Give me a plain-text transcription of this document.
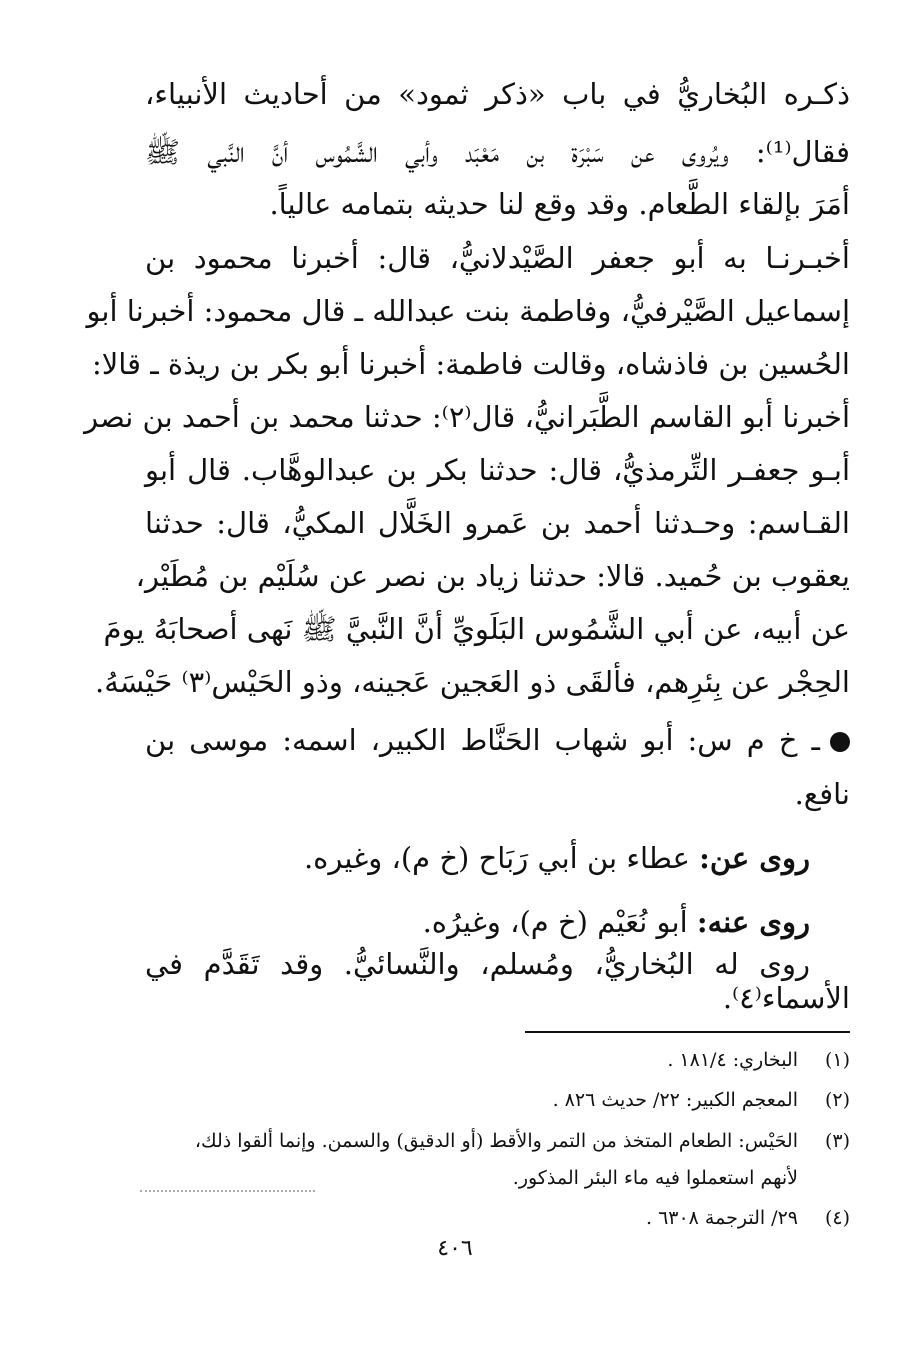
ذكـره البُخاريُّ في باب «ذكر ثمود» من أحاديث الأنبياء،
فقال⁽¹⁾: ويُروى عن سَبْرَة بن مَعْبَد وأبي الشَّمُوس أنَّ النَّبي ﷺ
أمَرَ بإلقاء الطَّعام. وقد وقع لنا حديثه بتمامه عالياً.
أخبـرنـا به أبو جعفر الصَّيْدلانيُّ، قال: أخبرنا محمود بن
إسماعيل الصَّيْرفيُّ، وفاطمة بنت عبدالله ـ قال محمود: أخبرنا أبو
الحُسين بن فاذشاه، وقالت فاطمة: أخبرنا أبو بكر بن ريذة ـ قالا:
أخبرنا أبو القاسم الطَّبَرانيُّ، قال⁽٢⁾: حدثنا محمد بن أحمد بن نصر
أبـو جعفـر التِّرمذيُّ، قال: حدثنا بكر بن عبدالوهَّاب. قال أبو
القـاسم: وحـدثنا أحمد بن عَمرو الخَلَّال المكيُّ، قال: حدثنا
يعقوب بن حُميد. قالا: حدثنا زياد بن نصر عن سُلَيْم بن مُطَيْر،
عن أبيه، عن أبي الشَّمُوس البَلَويِّ أنَّ النَّبيَّ ﷺ نَهى أصحابَهُ يومَ
الحِجْر عن بِئرِهم، فألقَى ذو العَجين عَجينه، وذو الحَيْس⁽٣⁾ حَيْسَهُ.
ـ خ م س: أبو شهاب الحَنَّاط الكبير، اسمه: موسى بن
نافع.
روى عن: عطاء بن أبي رَبَاح (خ م)، وغيره.
روى عنه: أبو نُعَيْم (خ م)، وغيرُه.
روى له البُخاريُّ، ومُسلم، والنَّسائيُّ. وقد تَقَدَّم في
الأسماء⁽٤⁾.
(١)البخاري: ١٨١/٤ .
(٢)المعجم الكبير: ٢٢/ حديث ٨٢٦ .
(٣)الحَيْس: الطعام المتخذ من التمر والأقط (أو الدقيق) والسمن. وإنما ألقوا ذلك،
لأنهم استعملوا فيه ماء البئر المذكور.
(٤)٢٩/ الترجمة ٦٣٠٨ .
٤٠٦
